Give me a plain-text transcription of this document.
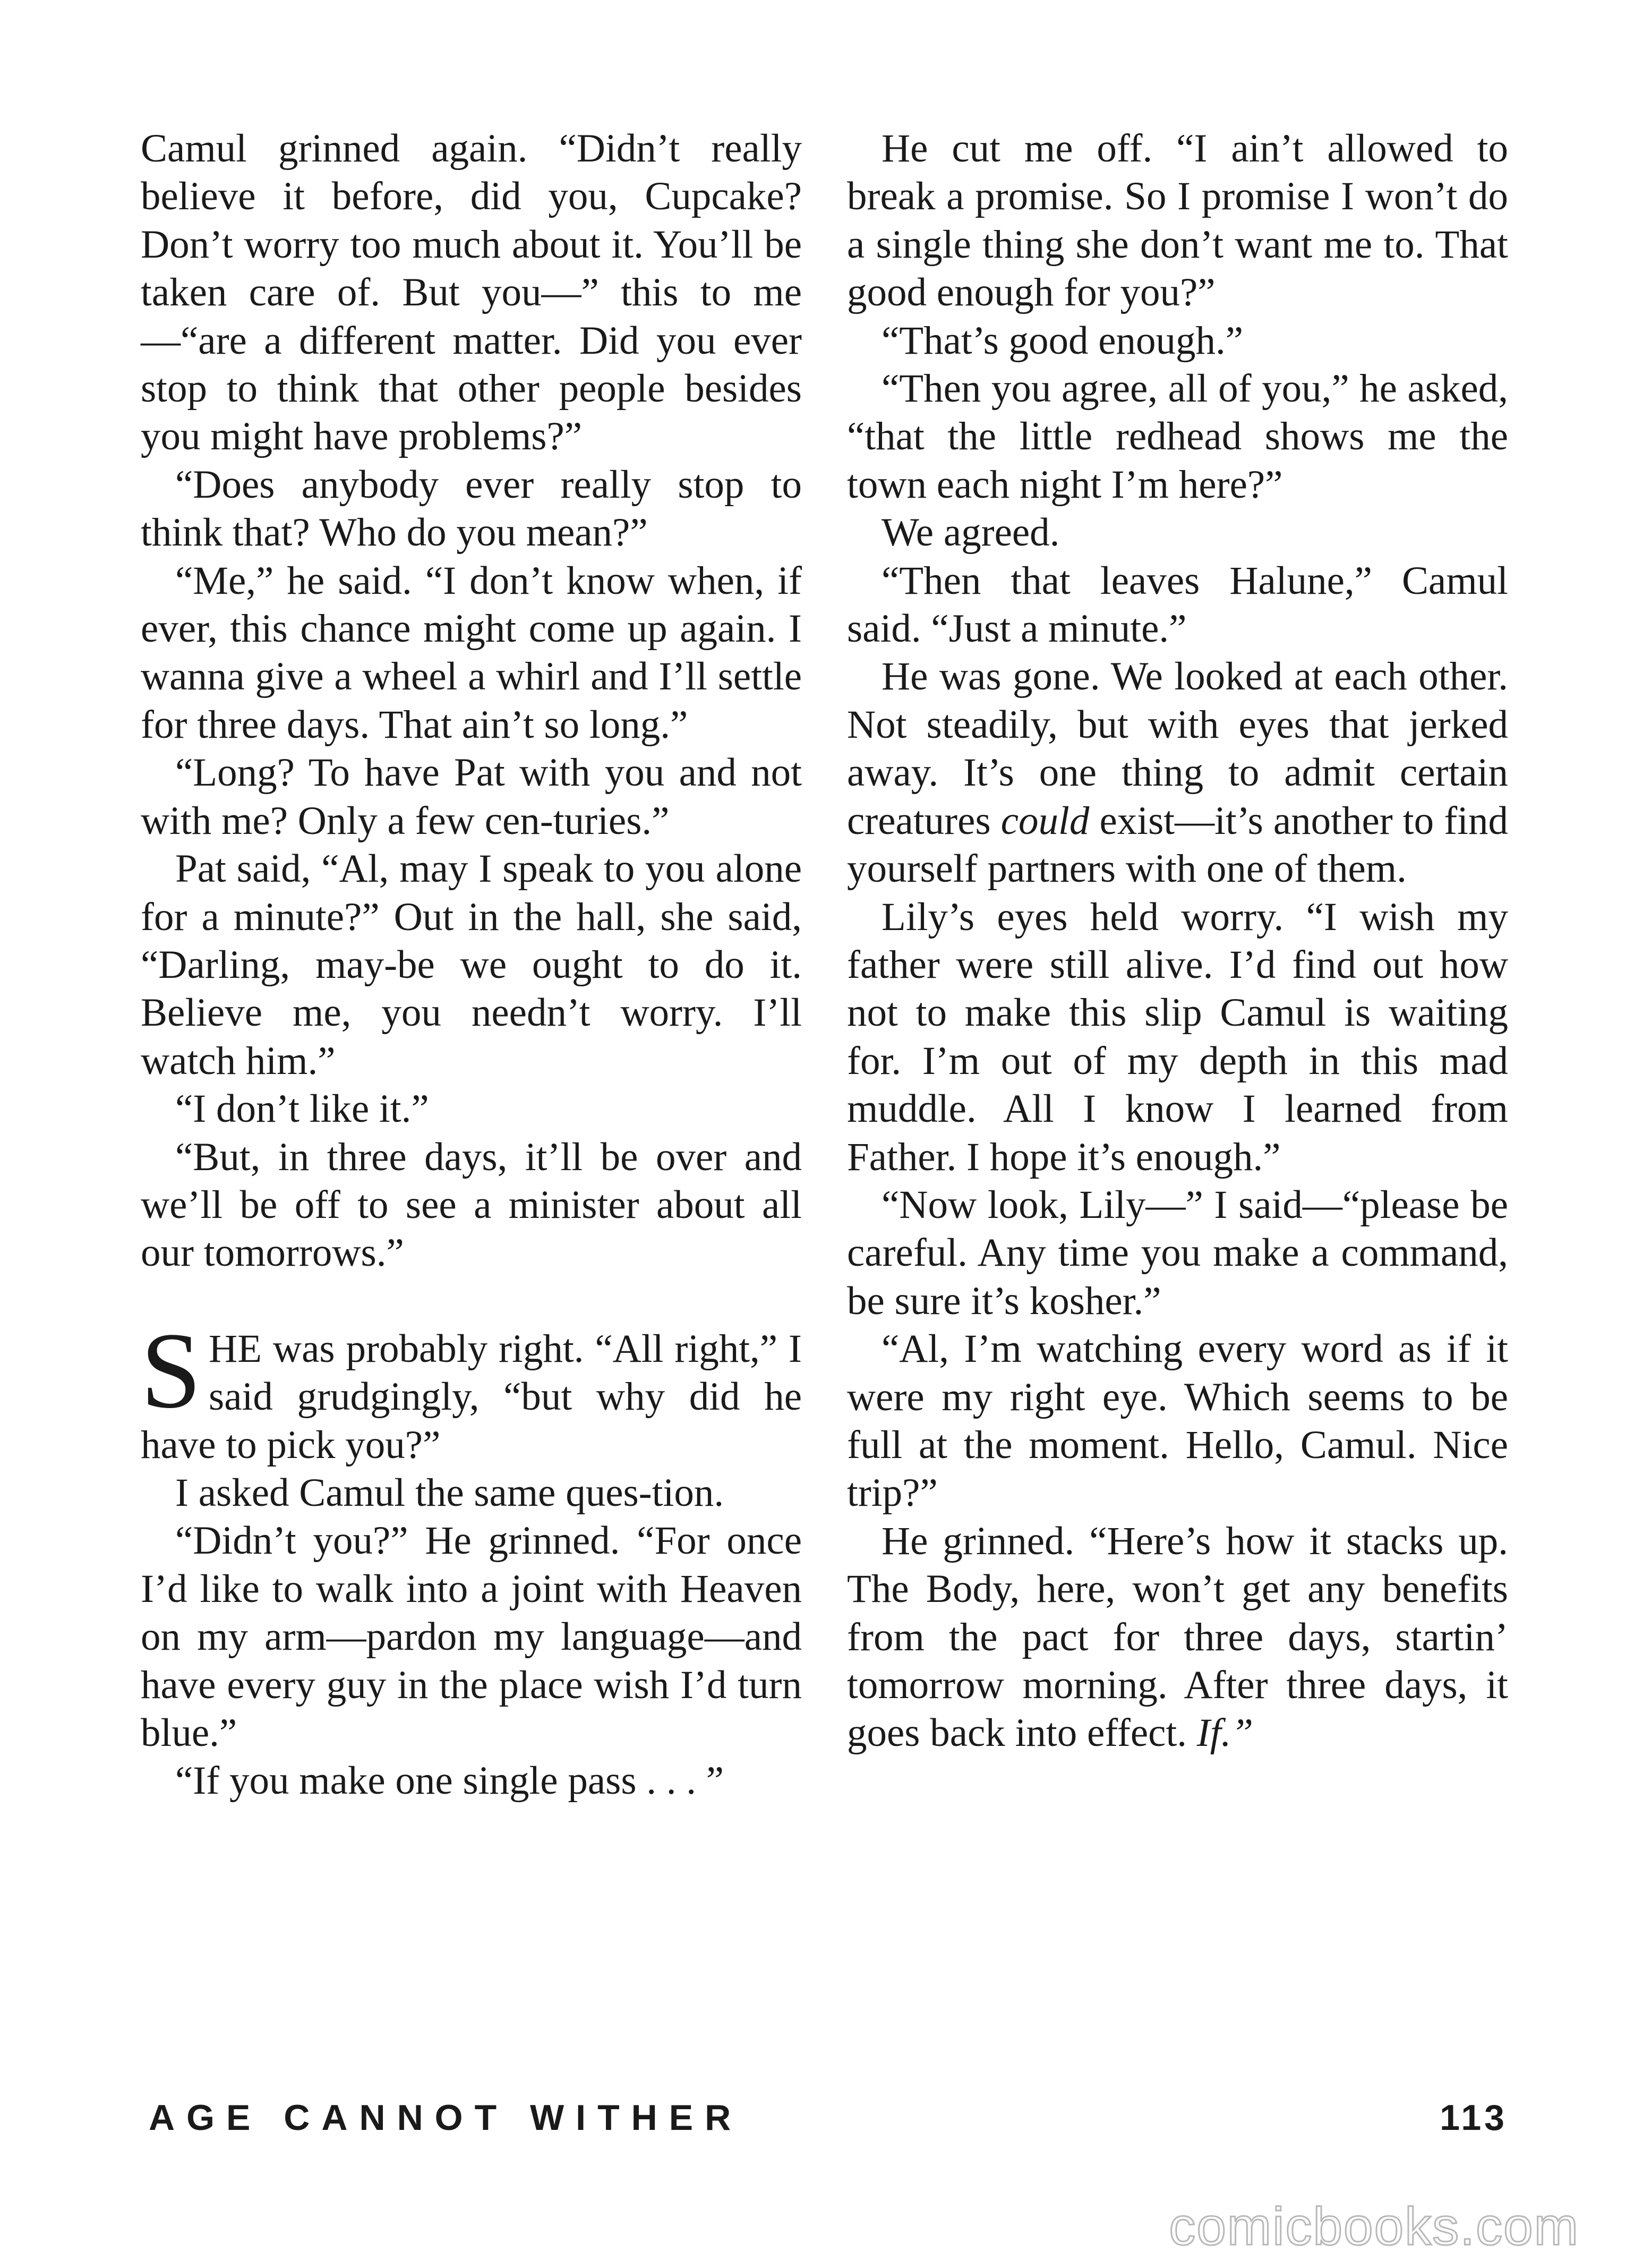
Camul grinned again. “Didn’t really believe it before, did you, Cupcake? Don’t worry too much about it. You’ll be taken care of. But you—” this to me—“are a different matter. Did you ever stop to think that other people besides you might have problems?”

“Does anybody ever really stop to think that? Who do you mean?”

“Me,” he said. “I don’t know when, if ever, this chance might come up again. I wanna give a wheel a whirl and I’ll settle for three days. That ain’t so long.”

“Long? To have Pat with you and not with me? Only a few cen-turies.”

Pat said, “Al, may I speak to you alone for a minute?” Out in the hall, she said, “Darling, may-be we ought to do it. Believe me, you needn’t worry. I’ll watch him.”

“I don’t like it.”

“But, in three days, it’ll be over and we’ll be off to see a minister about all our tomorrows.”

SHE was probably right. “All right,” I said grudgingly, “but why did he have to pick you?”

I asked Camul the same ques-tion.

“Didn’t you?” He grinned. “For once I’d like to walk into a joint with Heaven on my arm—pardon my language—and have every guy in the place wish I’d turn blue.”

“If you make one single pass . . . ”

He cut me off. “I ain’t allowed to break a promise. So I promise I won’t do a single thing she don’t want me to. That good enough for you?”

“That’s good enough.”

“Then you agree, all of you,” he asked, “that the little redhead shows me the town each night I’m here?”

We agreed.

“Then that leaves Halune,” Camul said. “Just a minute.”

He was gone. We looked at each other. Not steadily, but with eyes that jerked away. It’s one thing to admit certain creatures could exist—it’s another to find yourself partners with one of them.

Lily’s eyes held worry. “I wish my father were still alive. I’d find out how not to make this slip Camul is waiting for. I’m out of my depth in this mad muddle. All I know I learned from Father. I hope it’s enough.”

“Now look, Lily—” I said—“please be careful. Any time you make a command, be sure it’s kosher.”

“Al, I’m watching every word as if it were my right eye. Which seems to be full at the moment. Hello, Camul. Nice trip?”

He grinned. “Here’s how it stacks up. The Body, here, won’t get any benefits from the pact for three days, startin’ tomorrow morning. After three days, it goes back into effect. If.”

AGE CANNOT WITHER	113
comicbooks.com
